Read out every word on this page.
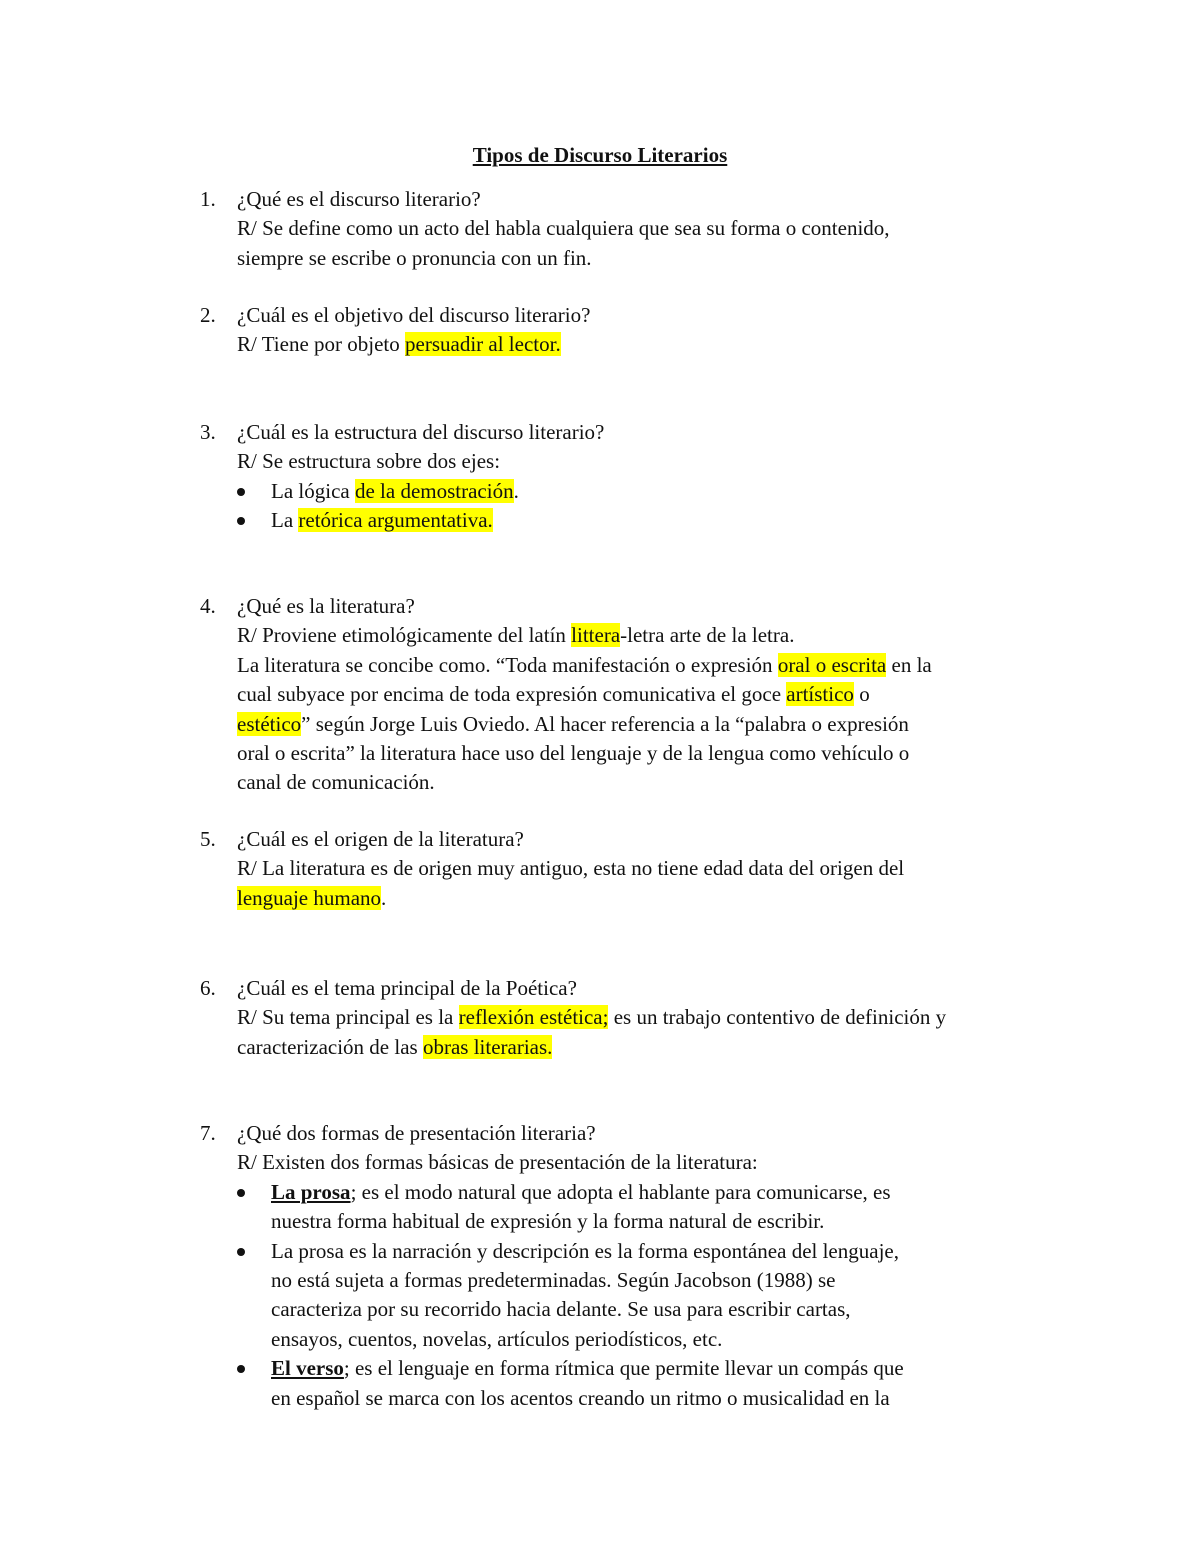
Tipos de Discurso Literarios
1. ¿Qué es el discurso literario?
R/ Se define como un acto del habla cualquiera que sea su forma o contenido,
siempre se escribe o pronuncia con un fin.
2. ¿Cuál es el objetivo del discurso literario?
R/ Tiene por objeto persuadir al lector.
3.	¿Cuál es la estructura del discurso literario?
R/ Se estructura sobre dos ejes:
La lógica de la demostración.
La retórica argumentativa.
4. ¿Qué es la literatura?
R/ Proviene etimológicamente del latín littera-letra arte de la letra.
La literatura se concibe como. “Toda manifestación o expresión oral o escrita en la
cual subyace por encima de toda expresión comunicativa el goce artístico o
estético” según Jorge Luis Oviedo. Al hacer referencia a la “palabra o expresión
oral o escrita” la literatura hace uso del lenguaje y de la lengua como vehículo o
canal de comunicación.
5. ¿Cuál es el origen de la literatura?
R/ La literatura es de origen muy antiguo, esta no tiene edad data del origen del
lenguaje humano.
6. ¿Cuál es el tema principal de la Poética?
R/ Su tema principal es la reflexión estética; es un trabajo contentivo de definición y
caracterización de las obras literarias.
7.	¿Qué dos formas de presentación literaria?
R/ Existen dos formas básicas de presentación de la literatura:
La prosa; es el modo natural que adopta el hablante para comunicarse, es
nuestra forma habitual de expresión y la forma natural de escribir.
La prosa es la narración y descripción es la forma espontánea del lenguaje,
no está sujeta a formas predeterminadas. Según Jacobson (1988) se
caracteriza por su recorrido hacia delante. Se usa para escribir cartas,
ensayos, cuentos, novelas, artículos periodísticos, etc.
El verso; es el lenguaje en forma rítmica que permite llevar un compás que
en español se marca con los acentos creando un ritmo o musicalidad en la
